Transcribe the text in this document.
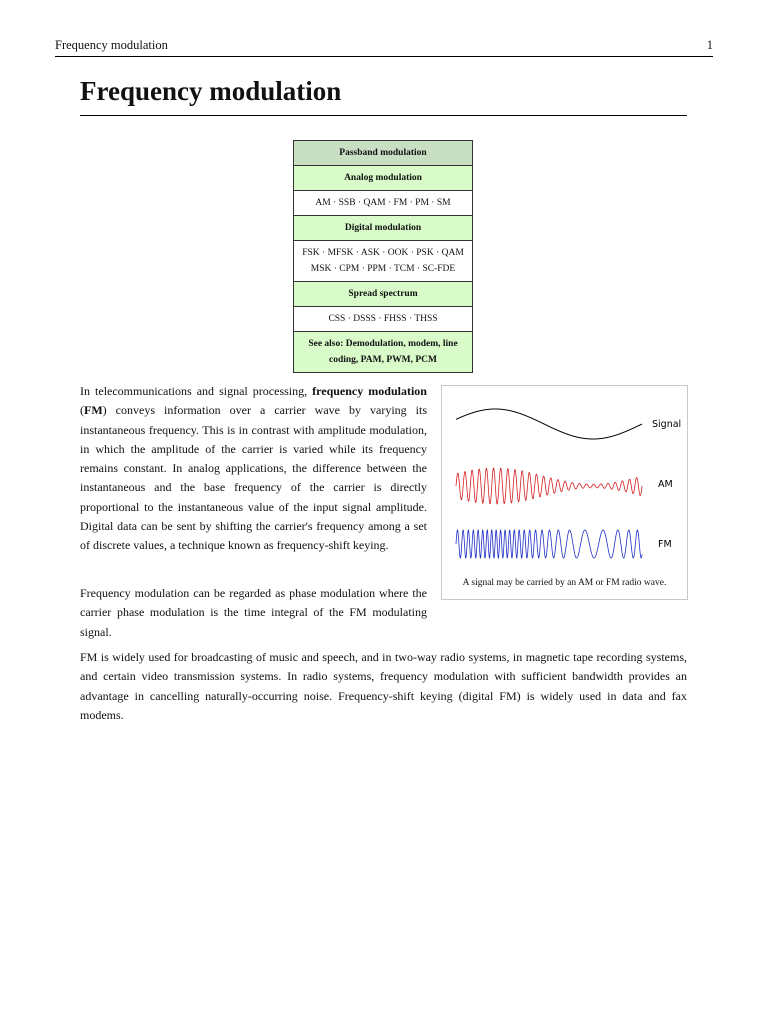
Frequency modulation	1
Frequency modulation
Passband modulation
Analog modulation
AM · SSB · QAM · FM · PM · SM
Digital modulation

FSK · MFSK · ASK · OOK · PSK · QAM
MSK · CPM · PPM · TCM · SC-FDE

Spread spectrum
CSS · DSSS · FHSS · THSS
See also: Demodulation, modem, line coding, PAM, PWM, PCM

In telecommunications and signal processing, frequency modulation (FM) conveys information over a carrier wave by varying its instantaneous frequency. This is in contrast with amplitude modulation, in which the amplitude of the carrier is varied while its frequency remains constant. In analog applications, the difference between the instantaneous and the base frequency of the carrier is directly proportional to the instantaneous value of the input signal amplitude. Digital data can be sent by shifting the carrier's frequency among a set of discrete values, a technique known as frequency-shift keying.

Frequency modulation can be regarded as phase modulation where the carrier phase modulation is the time integral of the FM modulating signal.

FM is widely used for broadcasting of music and speech, and in two-way radio systems, in magnetic tape recording systems, and certain video transmission systems. In radio systems, frequency modulation with sufficient bandwidth provides an advantage in cancelling naturally-occurring noise. Frequency-shift keying (digital FM) is widely used in data and fax modems.

Signal
AM
FM
A signal may be carried by an AM or FM radio wave.
